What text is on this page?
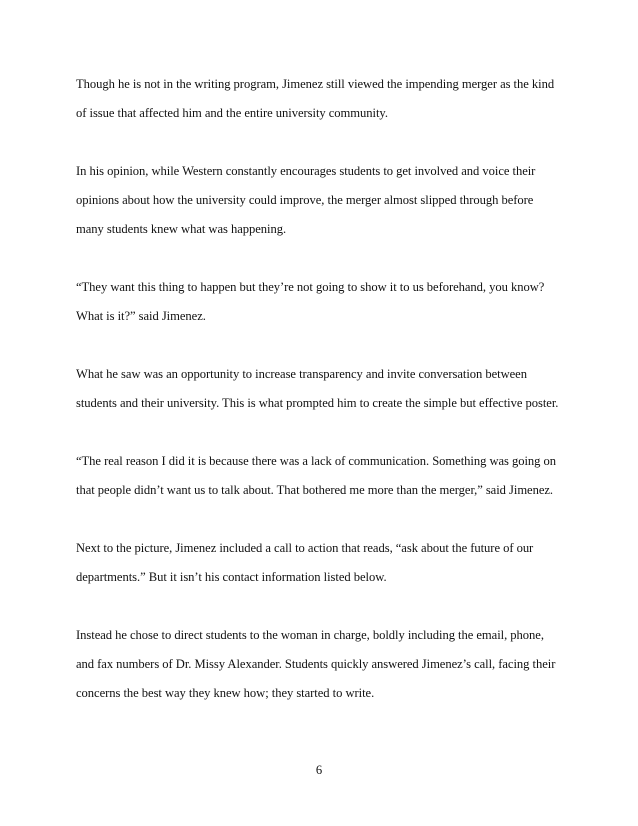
Though he is not in the writing program, Jimenez still viewed the impending merger as the kind
of issue that affected him and the entire university community.

In his opinion, while Western constantly encourages students to get involved and voice their
opinions about how the university could improve, the merger almost slipped through before
many students knew what was happening.

“They want this thing to happen but they’re not going to show it to us beforehand, you know?
What is it?” said Jimenez.

What he saw was an opportunity to increase transparency and invite conversation between
students and their university. This is what prompted him to create the simple but effective poster.

“The real reason I did it is because there was a lack of communication. Something was going on
that people didn’t want us to talk about. That bothered me more than the merger,” said Jimenez.

Next to the picture, Jimenez included a call to action that reads, “ask about the future of our
departments.” But it isn’t his contact information listed below.

Instead he chose to direct students to the woman in charge, boldly including the email, phone,
and fax numbers of Dr. Missy Alexander. Students quickly answered Jimenez’s call, facing their
concerns the best way they knew how; they started to write.

6
